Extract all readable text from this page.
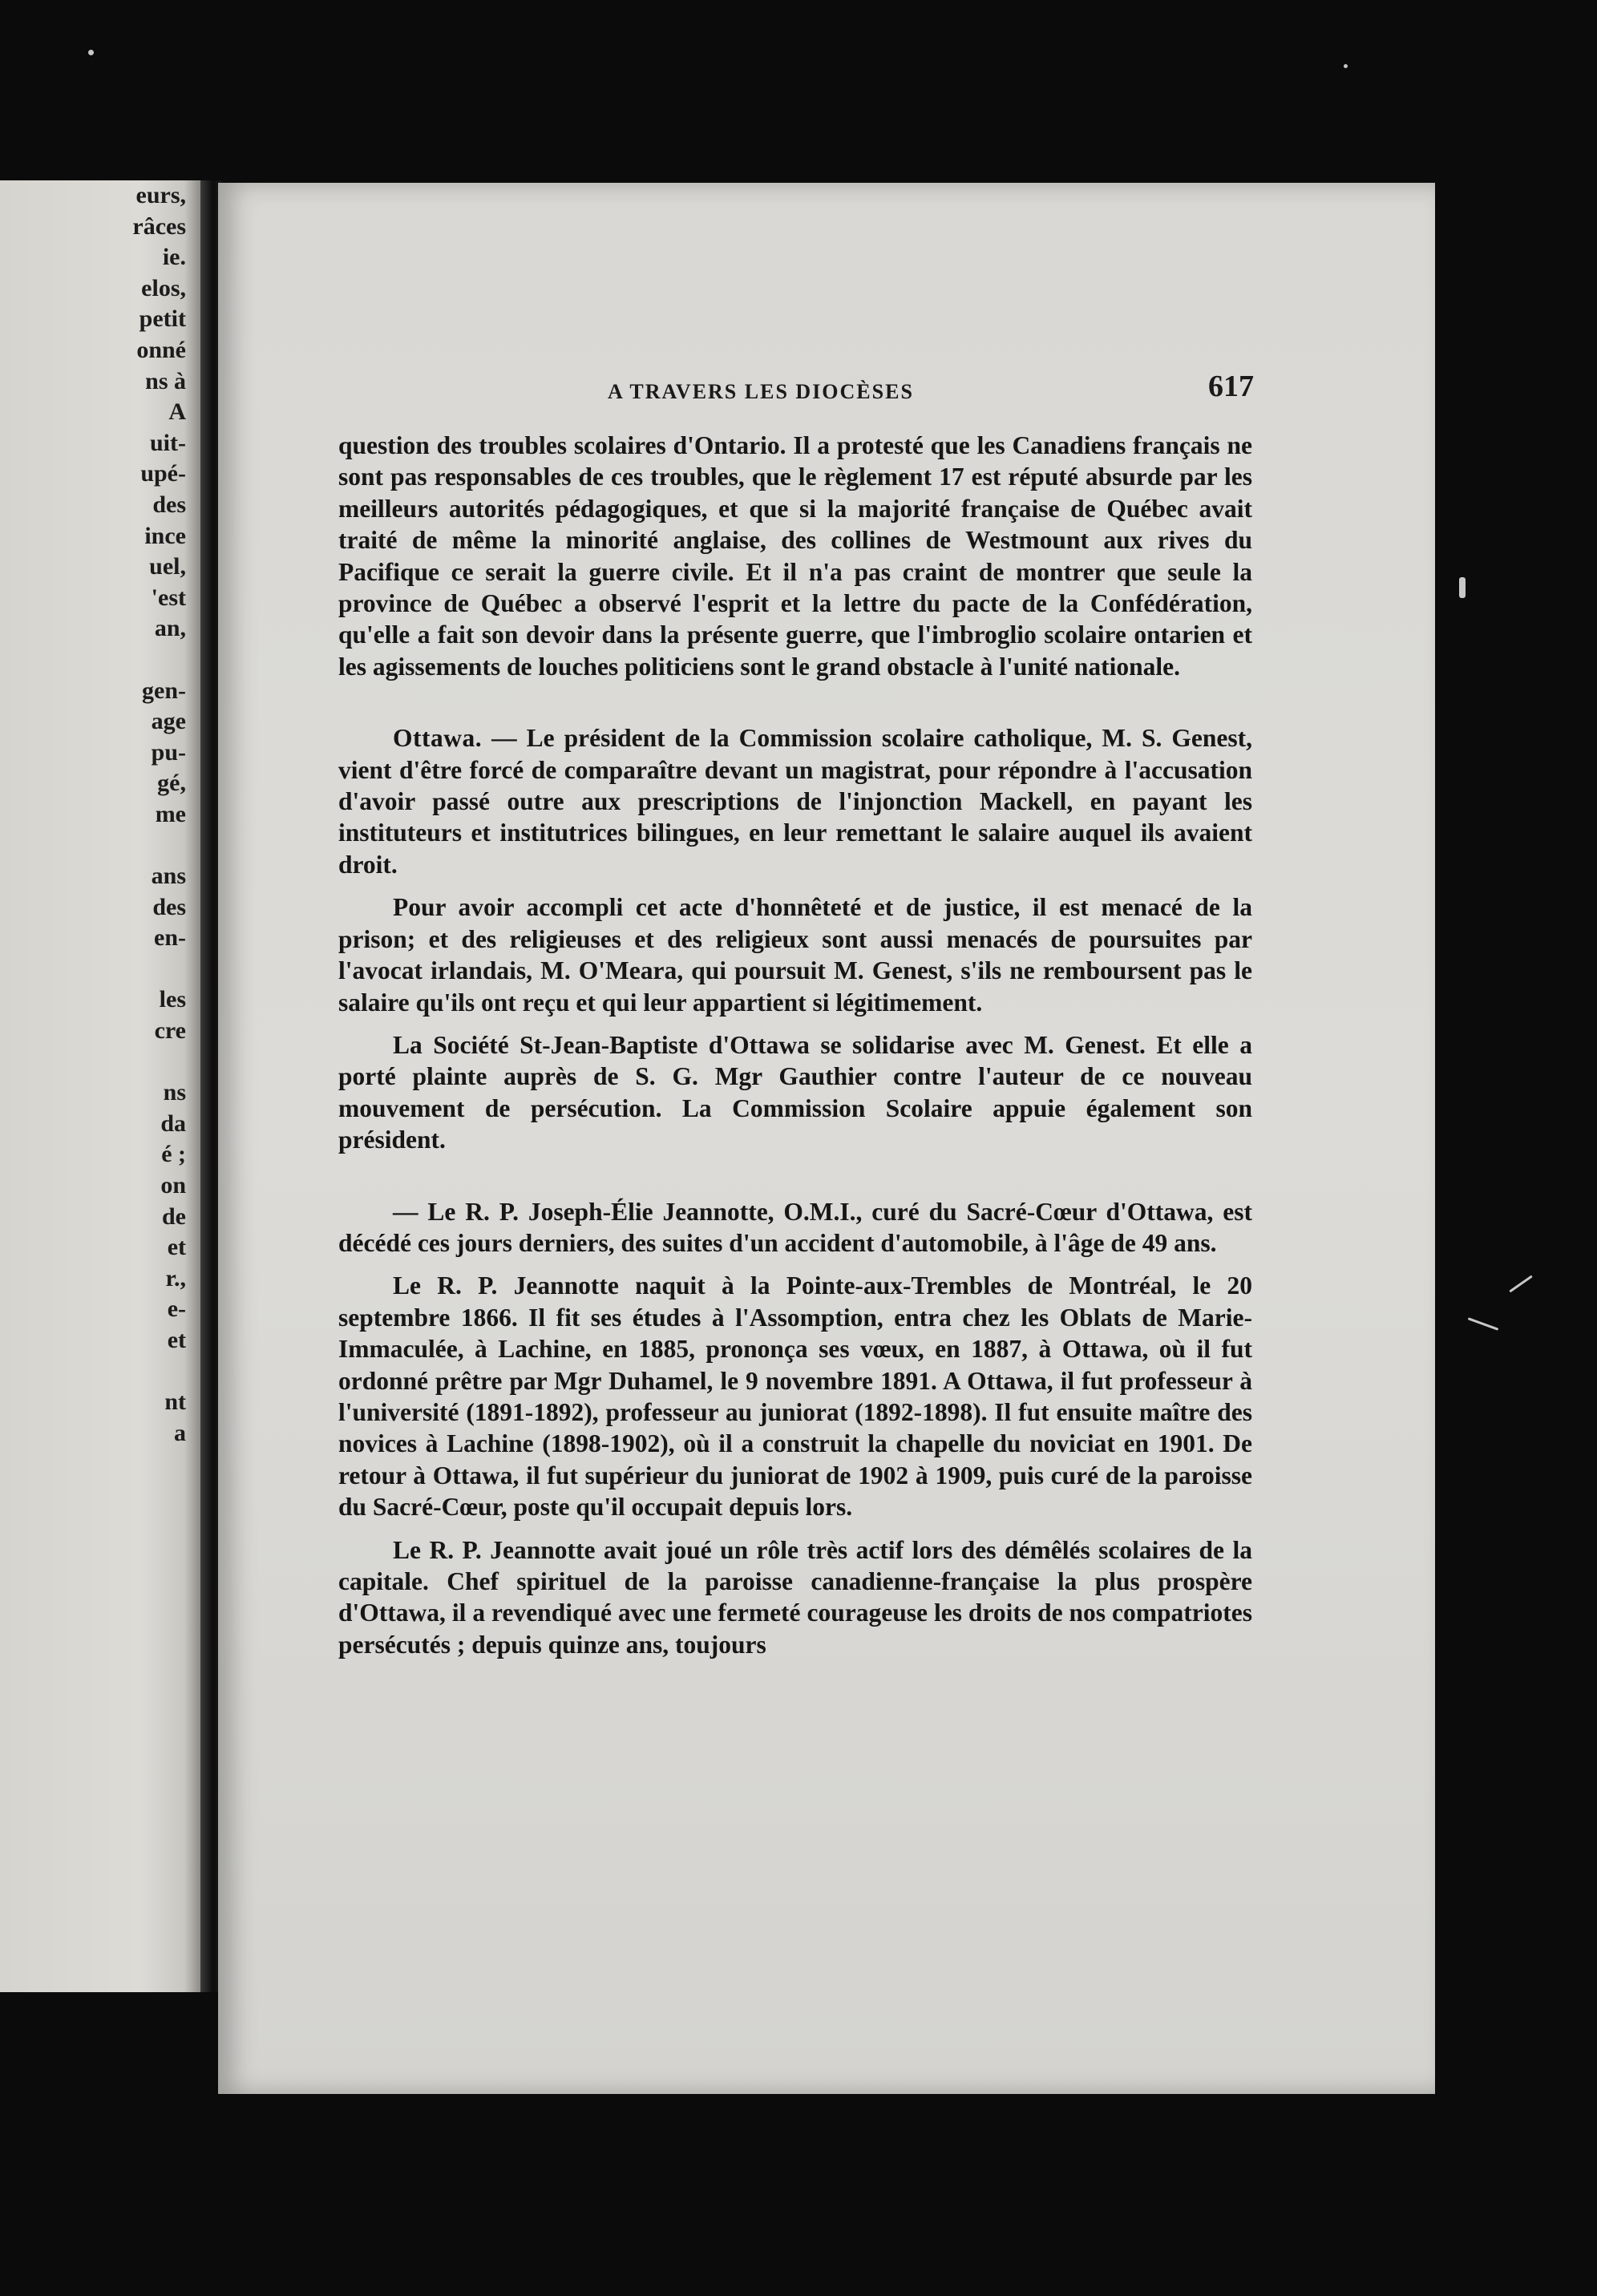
eurs,
râces
ie.
elos,
petit
onné
ns à
A
uit-
upé-
des
ince
uel,
'est
an,
gen-
age
pu-
gé,
me
ans
des
en-
les
cre
ns
da
é ;
on
de
et
r.,
e-
et
nt
a
A TRAVERS LES DIOCÈSES	617

question des troubles scolaires d'Ontario. Il a protesté que les Canadiens français ne sont pas responsables de ces troubles, que le règlement 17 est réputé absurde par les meilleurs autorités pédagogiques, et que si la majorité française de Québec avait traité de même la minorité anglaise, des collines de Westmount aux rives du Pacifique ce serait la guerre civile. Et il n'a pas craint de montrer que seule la province de Québec a observé l'esprit et la lettre du pacte de la Confédération, qu'elle a fait son devoir dans la présente guerre, que l'imbroglio scolaire ontarien et les agissements de louches politiciens sont le grand obstacle à l'unité nationale.

Ottawa. — Le président de la Commission scolaire catholique, M. S. Genest, vient d'être forcé de comparaître devant un magistrat, pour répondre à l'accusation d'avoir passé outre aux prescriptions de l'injonction Mackell, en payant les instituteurs et institutrices bilingues, en leur remettant le salaire auquel ils avaient droit.

Pour avoir accompli cet acte d'honnêteté et de justice, il est menacé de la prison; et des religieuses et des religieux sont aussi menacés de poursuites par l'avocat irlandais, M. O'Meara, qui poursuit M. Genest, s'ils ne remboursent pas le salaire qu'ils ont reçu et qui leur appartient si légitimement.

La Société St-Jean-Baptiste d'Ottawa se solidarise avec M. Genest. Et elle a porté plainte auprès de S. G. Mgr Gauthier contre l'auteur de ce nouveau mouvement de persécution. La Commission Scolaire appuie également son président.

— Le R. P. Joseph-Élie Jeannotte, O.M.I., curé du Sacré-Cœur d'Ottawa, est décédé ces jours derniers, des suites d'un accident d'automobile, à l'âge de 49 ans.

Le R. P. Jeannotte naquit à la Pointe-aux-Trembles de Montréal, le 20 septembre 1866. Il fit ses études à l'Assomption, entra chez les Oblats de Marie-Immaculée, à Lachine, en 1885, prononça ses vœux, en 1887, à Ottawa, où il fut ordonné prêtre par Mgr Duhamel, le 9 novembre 1891. A Ottawa, il fut professeur à l'université (1891-1892), professeur au juniorat (1892-1898). Il fut ensuite maître des novices à Lachine (1898-1902), où il a construit la chapelle du noviciat en 1901. De retour à Ottawa, il fut supérieur du juniorat de 1902 à 1909, puis curé de la paroisse du Sacré-Cœur, poste qu'il occupait depuis lors.

Le R. P. Jeannotte avait joué un rôle très actif lors des démêlés scolaires de la capitale. Chef spirituel de la paroisse canadienne-française la plus prospère d'Ottawa, il a revendiqué avec une fermeté courageuse les droits de nos compatriotes persécutés ; depuis quinze ans, toujours
